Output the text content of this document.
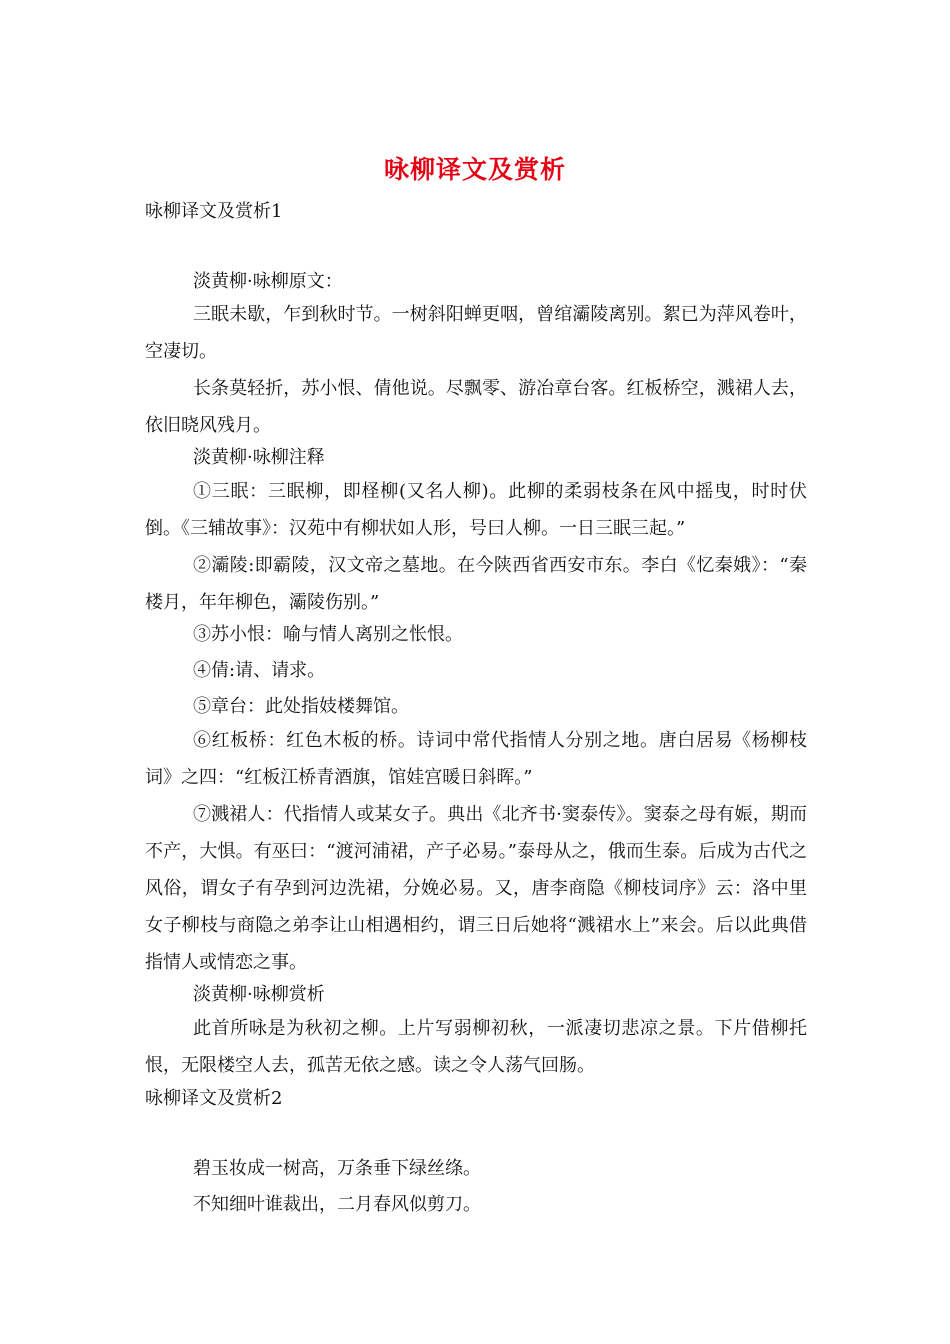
咏柳译文及赏析
咏柳译文及赏析1
淡黄柳·咏柳原文：

三眠未歇，乍到秋时节。一树斜阳蝉更咽，曾绾灞陵离别。絮已为萍风卷叶，空凄切。

长条莫轻折，苏小恨、倩他说。尽飘零、游冶章台客。红板桥空，溅裙人去，依旧晓风残月。

淡黄柳·咏柳注释

①三眠：三眠柳，即柽柳(又名人柳)。此柳的柔弱枝条在风中摇曳，时时伏倒。《三辅故事》：汉苑中有柳状如人形，号曰人柳。一日三眠三起。”

②灞陵:即霸陵，汉文帝之墓地。在今陕西省西安市东。李白《忆秦娥》：“秦楼月，年年柳色，灞陵伤别。”

③苏小恨：喻与情人离别之怅恨。
④倩:请、请求。
⑤章台：此处指妓楼舞馆。

⑥红板桥：红色木板的桥。诗词中常代指情人分别之地。唐白居易《杨柳枝词》之四：“红板江桥青酒旗，馆娃宫暖日斜晖。”

⑦溅裙人：代指情人或某女子。典出《北齐书·窦泰传》。窦泰之母有娠，期而不产，大惧。有巫曰：“渡河浦裙，产子必易。”泰母从之，俄而生泰。后成为古代之风俗，谓女子有孕到河边洗裙，分娩必易。又，唐李商隐《柳枝词序》云：洛中里女子柳枝与商隐之弟李让山相遇相约，谓三日后她将“溅裙水上”来会。后以此典借指情人或情恋之事。

淡黄柳·咏柳赏析

此首所咏是为秋初之柳。上片写弱柳初秋，一派凄切悲凉之景。下片借柳托恨，无限楼空人去，孤苦无依之感。读之令人荡气回肠。

咏柳译文及赏析2
碧玉妆成一树高，万条垂下绿丝绦。
不知细叶谁裁出，二月春风似剪刀。
